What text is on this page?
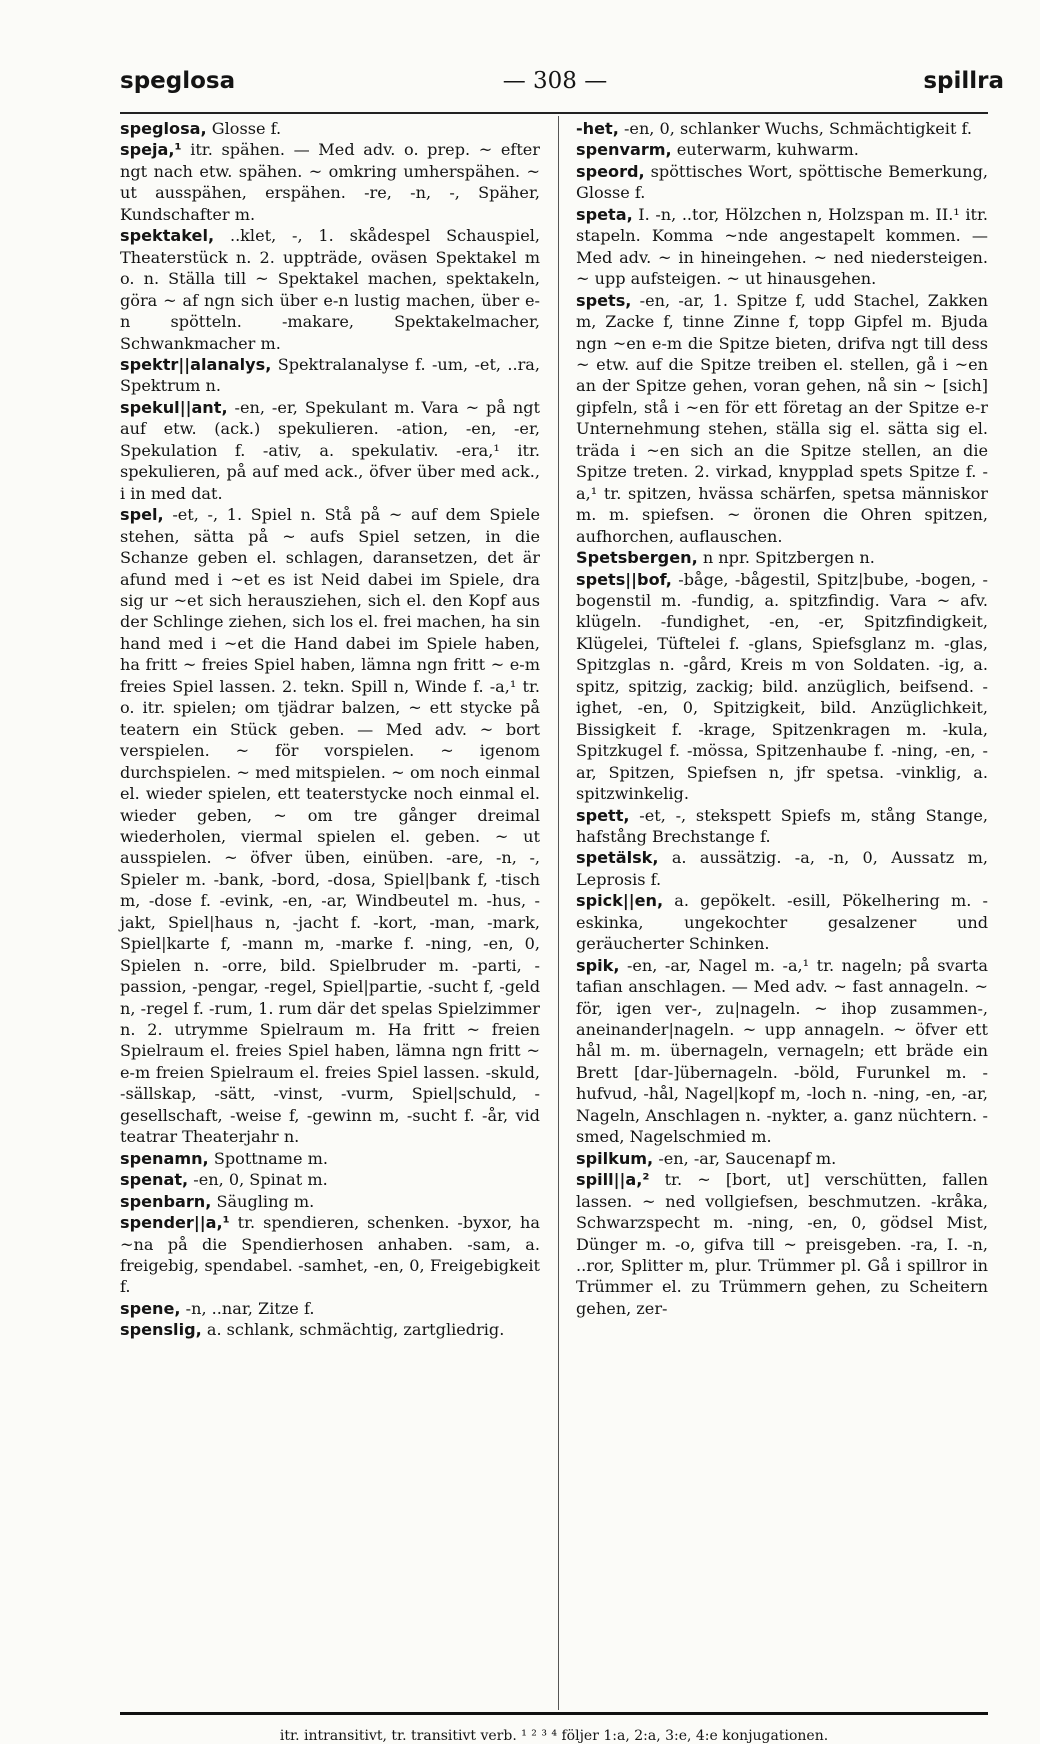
speglosa	— 308 —	spillra

speglosa, Glosse f.

speja,¹ itr. spähen. — Med adv. o. prep. ~ efter ngt nach etw. spähen. ~ omkring umherspähen. ~ ut ausspähen, erspähen. -re, -n, -, Späher, Kundschafter m.

spektakel, ..klet, -, 1. skådespel Schauspiel, Theaterstück n. 2. uppträde, oväsen Spektakel m o. n. Ställa till ~ Spektakel machen, spektakeln, göra ~ af ngn sich über e-n lustig machen, über e-n spötteln. -makare, Spektakelmacher, Schwankmacher m.

spektr||alanalys, Spektralanalyse f. -um, -et, ..ra, Spektrum n.

spekul||ant, -en, -er, Spekulant m. Vara ~ på ngt auf etw. (ack.) spekulieren. -ation, -en, -er, Spekulation f. -ativ, a. spekulativ. -era,¹ itr. spekulieren, på auf med ack., öfver über med ack., i in med dat.

spel, -et, -, 1. Spiel n. Stå på ~ auf dem Spiele stehen, sätta på ~ aufs Spiel setzen, in die Schanze geben el. schlagen, daransetzen, det är afund med i ~et es ist Neid dabei im Spiele, dra sig ur ~et sich herausziehen, sich el. den Kopf aus der Schlinge ziehen, sich los el. frei machen, ha sin hand med i ~et die Hand dabei im Spiele haben, ha fritt ~ freies Spiel haben, lämna ngn fritt ~ e-m freies Spiel lassen. 2. tekn. Spill n, Winde f. -a,¹ tr. o. itr. spielen; om tjädrar balzen, ~ ett stycke på teatern ein Stück geben. — Med adv. ~ bort verspielen. ~ för vorspielen. ~ igenom durchspielen. ~ med mitspielen. ~ om noch einmal el. wieder spielen, ett teaterstycke noch einmal el. wieder geben, ~ om tre gånger dreimal wiederholen, viermal spielen el. geben. ~ ut ausspielen. ~ öfver üben, einüben. -are, -n, -, Spieler m. -bank, -bord, -dosa, Spiel|bank f, -tisch m, -dose f. -evink, -en, -ar, Windbeutel m. -hus, -jakt, Spiel|haus n, -jacht f. -kort, -man, -mark, Spiel|karte f, -mann m, -marke f. -ning, -en, 0, Spielen n. -orre, bild. Spielbruder m. -parti, -passion, -pengar, -regel, Spiel|partie, -sucht f, -geld n, -regel f. -rum, 1. rum där det spelas Spielzimmer n. 2. utrymme Spielraum m. Ha fritt ~ freien Spielraum el. freies Spiel haben, lämna ngn fritt ~ e-m freien Spielraum el. freies Spiel lassen. -skuld, -sällskap, -sätt, -vinst, -vurm, Spiel|schuld, -gesellschaft, -weise f, -gewinn m, -sucht f. -år, vid teatrar Theaterjahr n.

spenamn, Spottname m.

spenat, -en, 0, Spinat m.

spenbarn, Säugling m.

spender||a,¹ tr. spendieren, schenken. -byxor, ha ~na på die Spendierhosen anhaben. -sam, a. freigebig, spendabel. -samhet, -en, 0, Freigebigkeit f.

spene, -n, ..nar, Zitze f.

spenslig, a. schlank, schmächtig, zartgliedrig.

-het, -en, 0, schlanker Wuchs, Schmächtigkeit f.

spenvarm, euterwarm, kuhwarm.

speord, spöttisches Wort, spöttische Bemerkung, Glosse f.

speta, I. -n, ..tor, Hölzchen n, Holzspan m. II.¹ itr. stapeln. Komma ~nde angestapelt kommen. — Med adv. ~ in hineingehen. ~ ned niedersteigen. ~ upp aufsteigen. ~ ut hinausgehen.

spets, -en, -ar, 1. Spitze f, udd Stachel, Zakken m, Zacke f, tinne Zinne f, topp Gipfel m. Bjuda ngn ~en e-m die Spitze bieten, drifva ngt till dess ~ etw. auf die Spitze treiben el. stellen, gå i ~en an der Spitze gehen, voran gehen, nå sin ~ [sich] gipfeln, stå i ~en för ett företag an der Spitze e-r Unternehmung stehen, ställa sig el. sätta sig el. träda i ~en sich an die Spitze stellen, an die Spitze treten. 2. virkad, knypplad spets Spitze f. -a,¹ tr. spitzen, hvässa schärfen, spetsa människor m. m. spiefsen. ~ öronen die Ohren spitzen, aufhorchen, auflauschen.

Spetsbergen, n npr. Spitzbergen n.

spets||bof, -båge, -bågestil, Spitz|bube, -bogen, -bogenstil m. -fundig, a. spitzfindig. Vara ~ afv. klügeln. -fundighet, -en, -er, Spitzfindigkeit, Klügelei, Tüftelei f. -glans, Spiefsglanz m. -glas, Spitzglas n. -gård, Kreis m von Soldaten. -ig, a. spitz, spitzig, zackig; bild. anzüglich, beifsend. -ighet, -en, 0, Spitzigkeit, bild. Anzüglichkeit, Bissigkeit f. -krage, Spitzenkragen m. -kula, Spitzkugel f. -mössa, Spitzenhaube f. -ning, -en, -ar, Spitzen, Spiefsen n, jfr spetsa. -vinklig, a. spitzwinkelig.

spett, -et, -, stekspett Spiefs m, stång Stange, hafstång Brechstange f.

spetälsk, a. aussätzig. -a, -n, 0, Aussatz m, Leprosis f.

spick||en, a. gepökelt. -esill, Pökelhering m. -eskinka, ungekochter gesalzener und geräucherter Schinken.

spik, -en, -ar, Nagel m. -a,¹ tr. nageln; på svarta tafian anschlagen. — Med adv. ~ fast annageln. ~ för, igen ver-, zu|nageln. ~ ihop zusammen-, aneinander|nageln. ~ upp annageln. ~ öfver ett hål m. m. übernageln, vernageln; ett bräde ein Brett [dar-]übernageln. -böld, Furunkel m. -hufvud, -hål, Nagel|kopf m, -loch n. -ning, -en, -ar, Nageln, Anschlagen n. -nykter, a. ganz nüchtern. -smed, Nagelschmied m.

spilkum, -en, -ar, Saucenapf m.

spill||a,² tr. ~ [bort, ut] verschütten, fallen lassen. ~ ned vollgiefsen, beschmutzen. -kråka, Schwarzspecht m. -ning, -en, 0, gödsel Mist, Dünger m. -o, gifva till ~ preisgeben. -ra, I. -n, ..ror, Splitter m, plur. Trümmer pl. Gå i spillror in Trümmer el. zu Trümmern gehen, zu Scheitern gehen, zer-

itr. intransitivt, tr. transitivt verb. ¹ ² ³ ⁴ följer 1:a, 2:a, 3:e, 4:e konjugationen.
